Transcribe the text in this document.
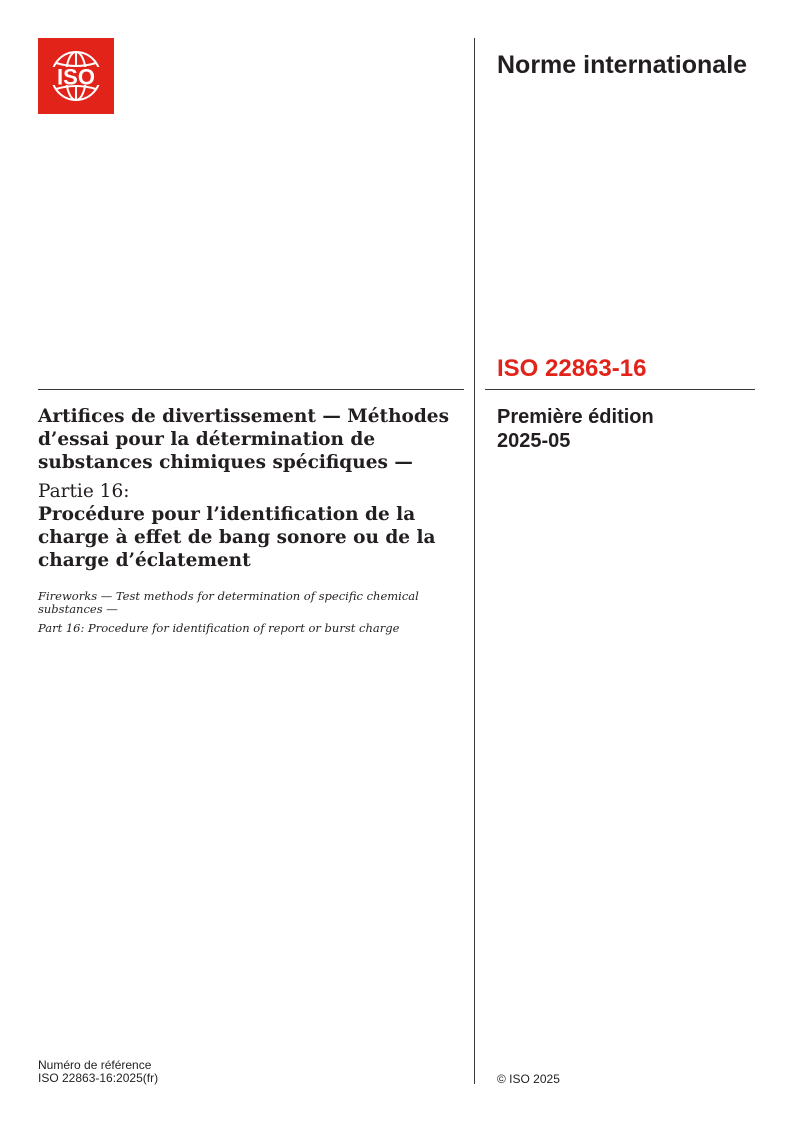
ISO	Norme internationale
ISO 22863-16
Première édition
2025-05

Artifices de divertissement — Méthodes d’essai pour la détermination de substances chimiques spécifiques —

Partie 16:

Procédure pour l’identification de la charge à effet de bang sonore ou de la charge d’éclatement

Fireworks — Test methods for determination of specific chemical substances —

Part 16: Procedure for identification of report or burst charge

Numéro de référence
ISO 22863-16:2025(fr)	© ISO 2025
